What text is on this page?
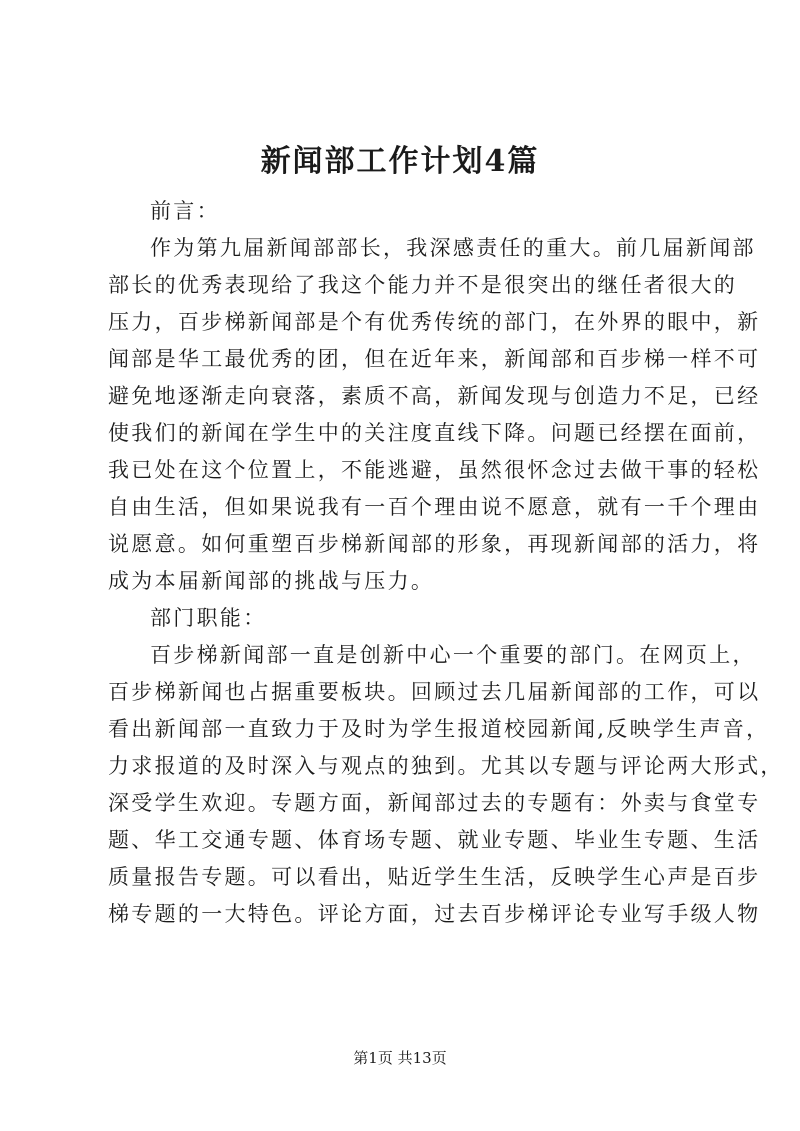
新闻部工作计划4篇

前言：

作为第九届新闻部部长，我深感责任的重大。前几届新闻部

部长的优秀表现给了我这个能力并不是很突出的继任者很大的

压力，百步梯新闻部是个有优秀传统的部门，在外界的眼中，新

闻部是华工最优秀的团，但在近年来，新闻部和百步梯一样不可

避免地逐渐走向衰落，素质不高，新闻发现与创造力不足，已经

使我们的新闻在学生中的关注度直线下降。问题已经摆在面前，

我已处在这个位置上，不能逃避，虽然很怀念过去做干事的轻松

自由生活，但如果说我有一百个理由说不愿意，就有一千个理由

说愿意。如何重塑百步梯新闻部的形象，再现新闻部的活力，将

成为本届新闻部的挑战与压力。

部门职能：

百步梯新闻部一直是创新中心一个重要的部门。在网页上，

百步梯新闻也占据重要板块。回顾过去几届新闻部的工作，可以

看出新闻部一直致力于及时为学生报道校园新闻,反映学生声音，

力求报道的及时深入与观点的独到。尤其以专题与评论两大形式，

深受学生欢迎。专题方面，新闻部过去的专题有：外卖与食堂专

题、华工交通专题、体育场专题、就业专题、毕业生专题、生活

质量报告专题。可以看出，贴近学生生活，反映学生心声是百步

梯专题的一大特色。评论方面，过去百步梯评论专业写手级人物

第1页 共13页
